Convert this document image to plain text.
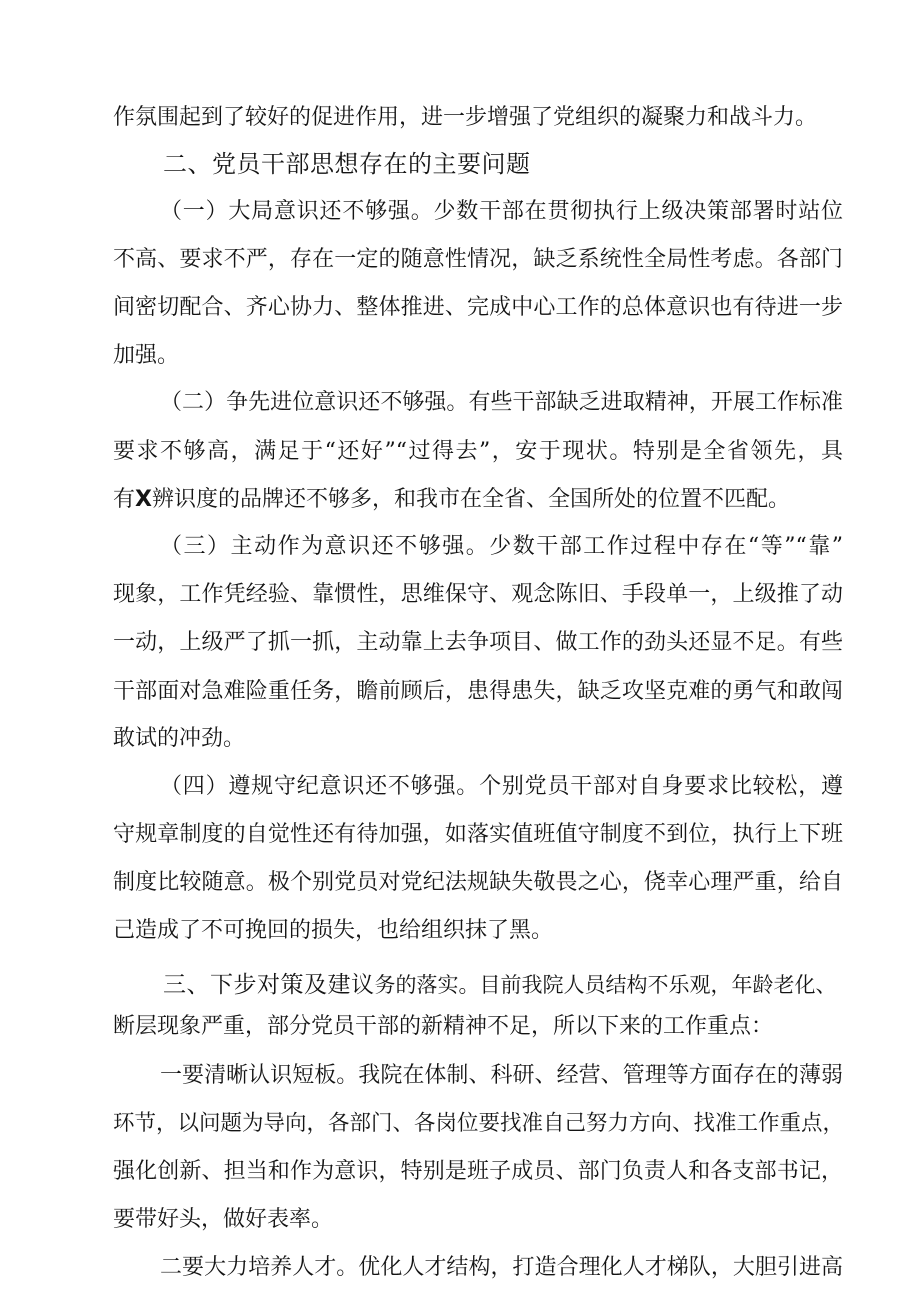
作氛围起到了较好的促进作用，进一步增强了党组织的凝聚力和战斗力。
二、党员干部思想存在的主要问题
（一）大局意识还不够强。少数干部在贯彻执行上级决策部署时站位
不高、要求不严，存在一定的随意性情况，缺乏系统性全局性考虑。各部门
间密切配合、齐心协力、整体推进、完成中心工作的总体意识也有待进一步
加强。
（二）争先进位意识还不够强。有些干部缺乏进取精神，开展工作标准
要求不够高，满足于“还好”“过得去”，安于现状。特别是全省领先，具
有X辨识度的品牌还不够多，和我市在全省、全国所处的位置不匹配。
（三）主动作为意识还不够强。少数干部工作过程中存在“等”“靠”
现象，工作凭经验、靠惯性，思维保守、观念陈旧、手段单一，上级推了动
一动，上级严了抓一抓，主动靠上去争项目、做工作的劲头还显不足。有些
干部面对急难险重任务，瞻前顾后，患得患失，缺乏攻坚克难的勇气和敢闯
敢试的冲劲。
（四）遵规守纪意识还不够强。个别党员干部对自身要求比较松，遵
守规章制度的自觉性还有待加强，如落实值班值守制度不到位，执行上下班
制度比较随意。极个别党员对党纪法规缺失敬畏之心，侥幸心理严重，给自
己造成了不可挽回的损失，也给组织抹了黑。
三、下步对策及建议务的落实。目前我院人员结构不乐观，年龄老化、
断层现象严重，部分党员干部的新精神不足，所以下来的工作重点：
一要清晰认识短板。我院在体制、科研、经营、管理等方面存在的薄弱
环节，以问题为导向，各部门、各岗位要找准自己努力方向、找准工作重点，
强化创新、担当和作为意识，特别是班子成员、部门负责人和各支部书记，
要带好头，做好表率。
二要大力培养人才。优化人才结构，打造合理化人才梯队，大胆引进高
